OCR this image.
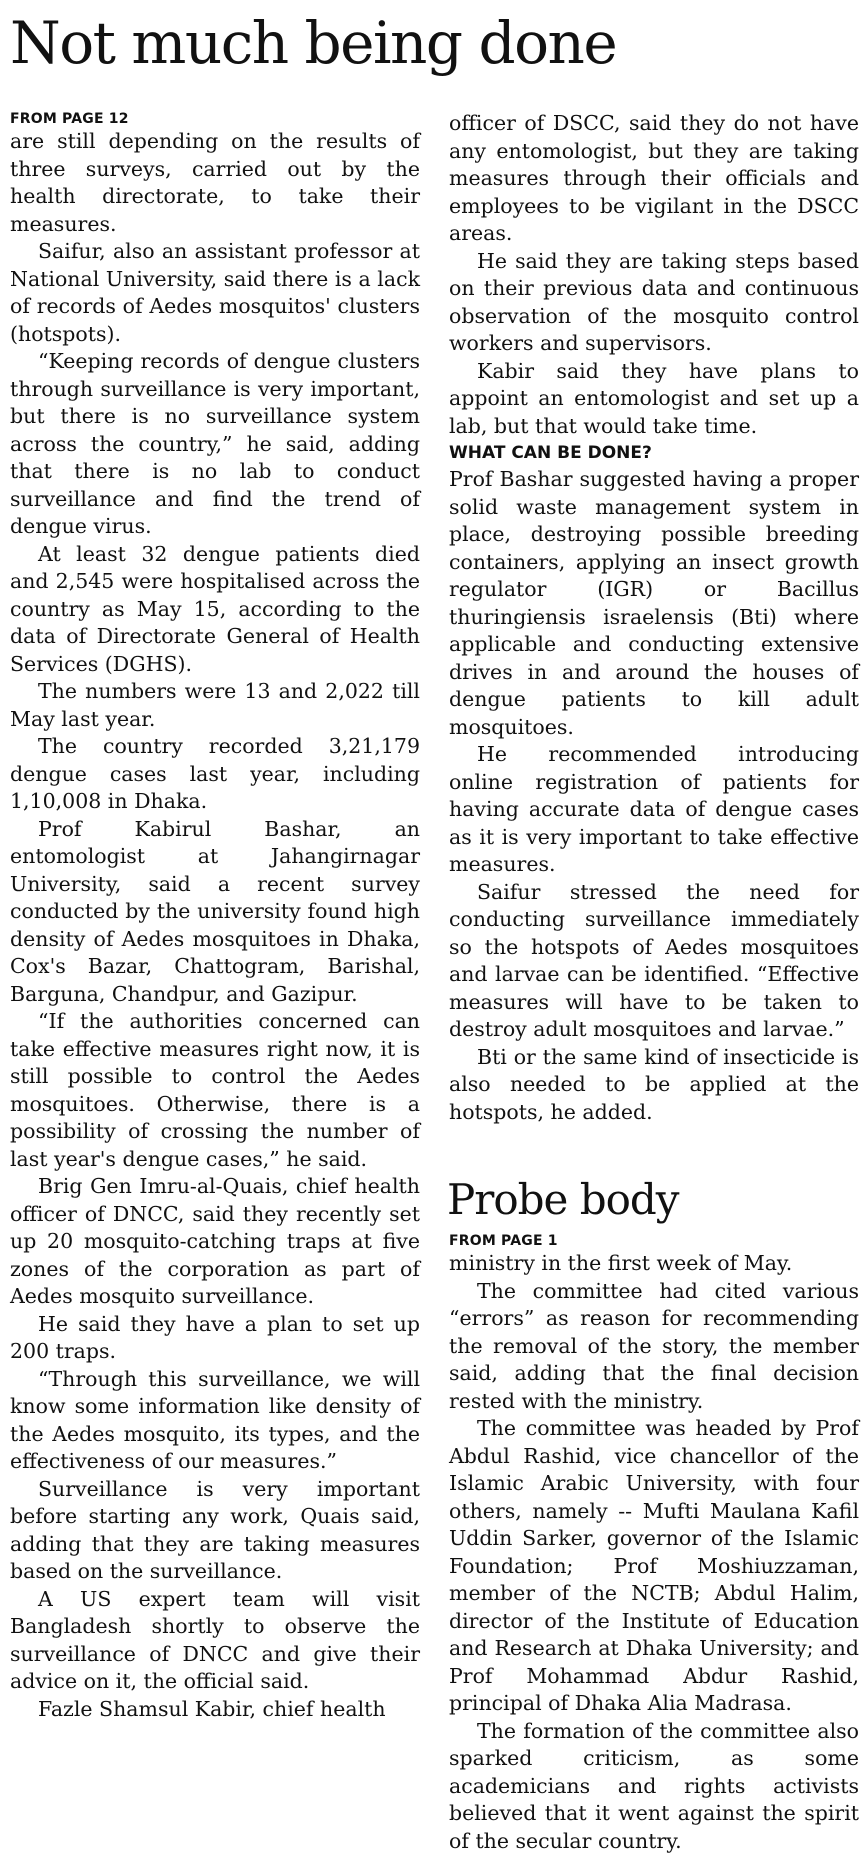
Not much being done
FROM PAGE 12

are still depending on the results of three surveys, carried out by the health directorate, to take their measures.

Saifur, also an assistant professor at National University, said there is a lack of records of Aedes mosquitos' clusters (hotspots).

“Keeping records of dengue clusters through surveillance is very important, but there is no surveillance system across the country,” he said, adding that there is no lab to conduct surveillance and find the trend of dengue virus.

At least 32 dengue patients died and 2,545 were hospitalised across the country as May 15, according to the data of Directorate General of Health Services (DGHS).

The numbers were 13 and 2,022 till May last year.

The country recorded 3,21,179 dengue cases last year, including 1,10,008 in Dhaka.

Prof Kabirul Bashar, an entomologist at Jahangirnagar University, said a recent survey conducted by the university found high density of Aedes mosquitoes in Dhaka, Cox's Bazar, Chattogram, Barishal, Barguna, Chandpur, and Gazipur.

“If the authorities concerned can take effective measures right now, it is still possible to control the Aedes mosquitoes. Otherwise, there is a possibility of crossing the number of last year's dengue cases,” he said.

Brig Gen Imru-al-Quais, chief health officer of DNCC, said they recently set up 20 mosquito-catching traps at five zones of the corporation as part of Aedes mosquito surveillance.

He said they have a plan to set up 200 traps.

“Through this surveillance, we will know some information like density of the Aedes mosquito, its types, and the effectiveness of our measures.”

Surveillance is very important before starting any work, Quais said, adding that they are taking measures based on the surveillance.

A US expert team will visit Bangladesh shortly to observe the surveillance of DNCC and give their advice on it, the official said.

Fazle Shamsul Kabir, chief health

officer of DSCC, said they do not have any entomologist, but they are taking measures through their officials and employees to be vigilant in the DSCC areas.

He said they are taking steps based on their previous data and continuous observation of the mosquito control workers and supervisors.

Kabir said they have plans to appoint an entomologist and set up a lab, but that would take time.

WHAT CAN BE DONE?

Prof Bashar suggested having a proper solid waste management system in place, destroying possible breeding containers, applying an insect growth regulator (IGR) or Bacillus thuringiensis israelensis (Bti) where applicable and conducting extensive drives in and around the houses of dengue patients to kill adult mosquitoes.

He recommended introducing online registration of patients for having accurate data of dengue cases as it is very important to take effective measures.

Saifur stressed the need for conducting surveillance immediately so the hotspots of Aedes mosquitoes and larvae can be identified. “Effective measures will have to be taken to destroy adult mosquitoes and larvae.”

Bti or the same kind of insecticide is also needed to be applied at the hotspots, he added.

Probe body
FROM PAGE 1

ministry in the first week of May.

The committee had cited various “errors” as reason for recommending the removal of the story, the member said, adding that the final decision rested with the ministry.

The committee was headed by Prof Abdul Rashid, vice chancellor of the Islamic Arabic University, with four others, namely -- Mufti Maulana Kafil Uddin Sarker, governor of the Islamic Foundation; Prof Moshiuzzaman, member of the NCTB; Abdul Halim, director of the Institute of Education and Research at Dhaka University; and Prof Mohammad Abdur Rashid, principal of Dhaka Alia Madrasa.

The formation of the committee also sparked criticism, as some academicians and rights activists believed that it went against the spirit of the secular country.
